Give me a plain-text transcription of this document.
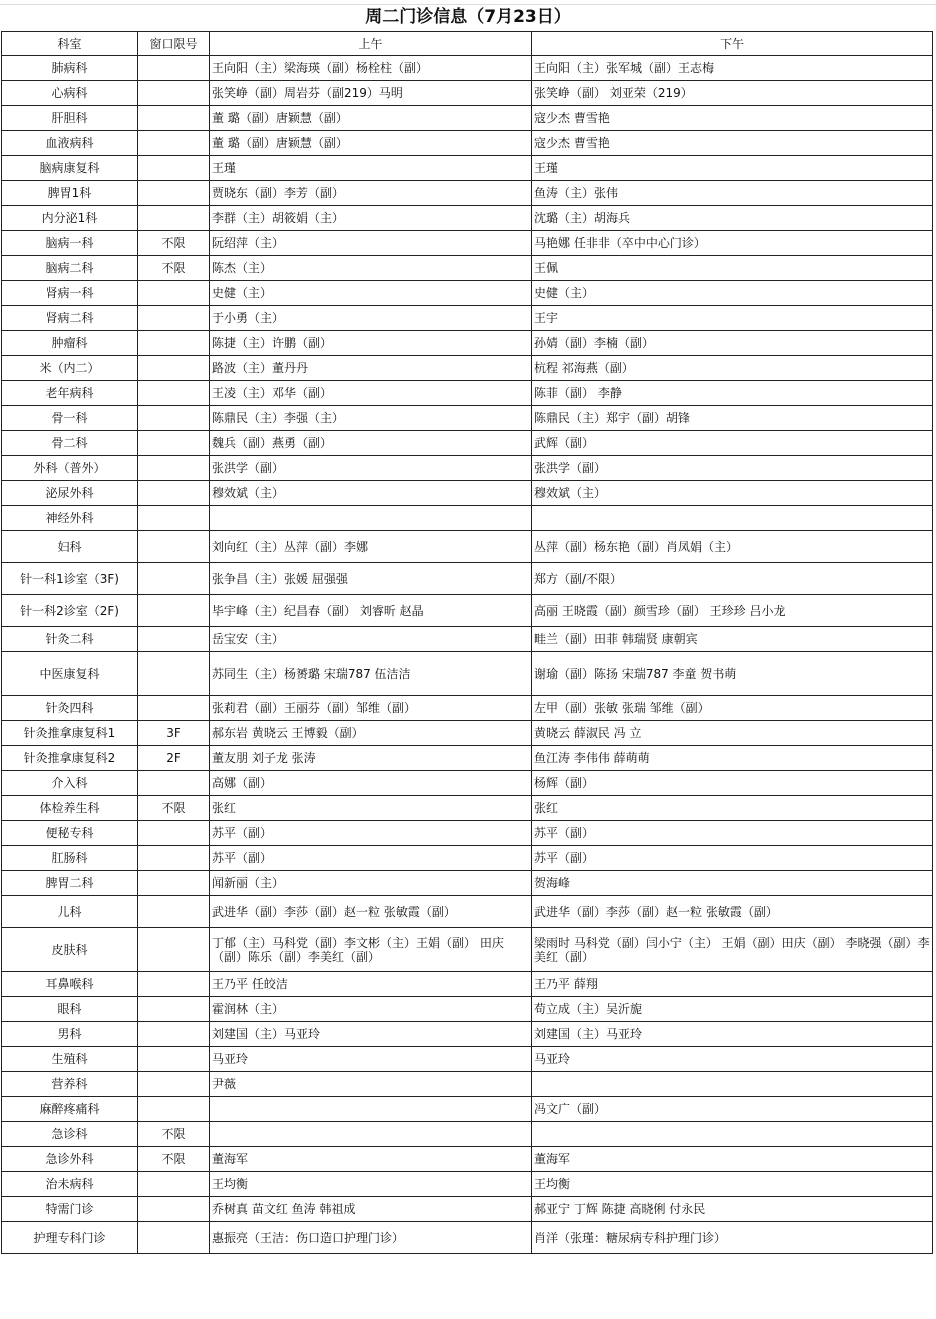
周二门诊信息（7月23日）
科室	窗口限号	上午	下午
肺病科		王向阳（主）梁海瑛（副）杨栓柱（副）	王向阳（主）张军城（副）王志梅
心病科		张笑峥（副）周岩芬（副219）马明	张笑峥（副） 刘亚荣（219）
肝胆科		董 璐（副）唐颖慧（副）	寇少杰 曹雪艳
血液病科		董 璐（副）唐颖慧（副）	寇少杰 曹雪艳
脑病康复科		王瑾	王瑾
脾胃1科		贾晓东（副）李芳（副）	鱼涛（主）张伟
内分泌1科		李群（主）胡筱娟（主）	沈璐（主）胡海兵
脑病一科	不限	阮绍萍（主）	马艳娜 任非非（卒中中心门诊）
脑病二科	不限	陈杰（主）	王佩
肾病一科		史健（主）	史健（主）
肾病二科		于小勇（主）	王宇
肿瘤科		陈捷（主）许鹏（副）	孙婧（副）李楠（副）
米（内二）		路波（主）董丹丹	杭程 祁海燕（副）
老年病科		王凌（主）邓华（副）	陈菲（副） 李静
骨一科		陈鼎民（主）李强（主）	陈鼎民（主）郑宇（副）胡锋
骨二科		魏兵（副）燕勇（副）	武辉（副）
外科（普外）		张洪学（副）	张洪学（副）
泌尿外科		穆效斌（主）	穆效斌（主）
神经外科			
妇科		刘向红（主）丛萍（副）李娜	丛萍（副）杨东艳（副）肖凤娟（主）
针一科1诊室（3F)		张争昌（主）张媛 屈强强	郑方（副/不限）
针一科2诊室（2F)		毕宇峰（主）纪昌春（副） 刘睿昕 赵晶	高丽 王晓霞（副）颜雪珍（副） 王珍珍 吕小龙
针灸二科		岳宝安（主）	畦兰（副）田菲 韩瑞贤 康朝宾
中医康复科		苏同生（主）杨赟璐 宋瑞787 伍洁洁	谢瑜（副）陈扬 宋瑞787 李童 贺书萌
针灸四科		张莉君（副）王丽芬（副）邹维（副）	左甲（副）张敏 张瑞 邹维（副）
针灸推拿康复科1	3F	郝东岩 黄晓云 王博毅（副）	黄晓云 薛淑民 冯 立
针灸推拿康复科2	2F	董友朋 刘子龙 张涛	鱼江涛 李伟伟 薛萌萌
介入科		高娜（副）	杨辉（副）
体检养生科	不限	张红	张红
便秘专科		苏平（副）	苏平（副）
肛肠科		苏平（副）	苏平（副）
脾胃二科		闻新丽（主）	贺海峰
儿科		武进华（副）李莎（副）赵一粒 张敏霞（副）	武进华（副）李莎（副）赵一粒 张敏霞（副）
皮肤科		丁郁（主）马科党（副）李文彬（主）王娟（副） 田庆（副）陈乐（副）李美红（副）	梁雨时 马科党（副）闫小宁（主） 王娟（副）田庆（副） 李晓强（副）李美红（副）
耳鼻喉科		王乃平 任皎洁	王乃平 薛翔
眼科		霍润林（主）	苟立成（主）吴沂旎
男科		刘建国（主）马亚玲	刘建国（主）马亚玲
生殖科		马亚玲	马亚玲
营养科		尹薇	
麻醉疼痛科			冯文广（副）
急诊科	不限		
急诊外科	不限	董海军	董海军
治未病科		王均衡	王均衡
特需门诊		乔树真 苗文红 鱼涛 韩祖成	郝亚宁 丁辉 陈捷 高晓俐 付永民
护理专科门诊		惠振亮（王洁：伤口造口护理门诊）	肖洋（张瑾：糖尿病专科护理门诊）
